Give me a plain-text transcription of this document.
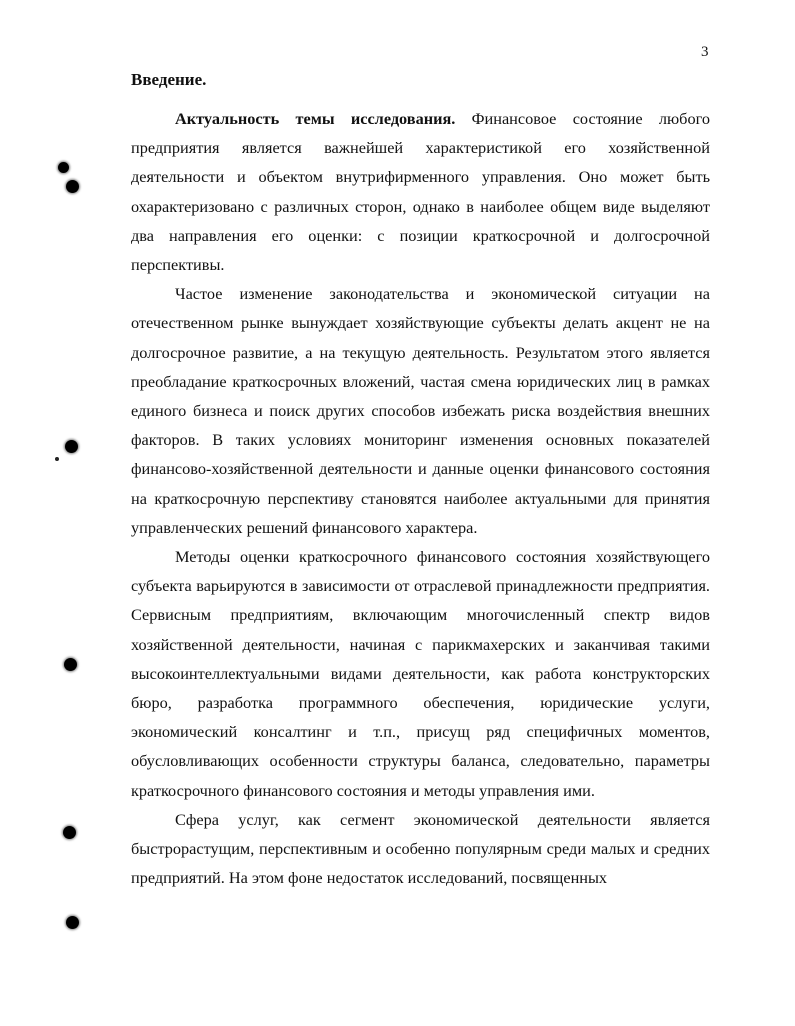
3
Введение.

Актуальность темы исследования. Финансовое состояние любого предприятия является важнейшей характеристикой его хозяйственной деятельности и объектом внутрифирменного управления. Оно может быть охарактеризовано с различных сторон, однако в наиболее общем виде выделяют два направления его оценки: с позиции краткосрочной и долгосрочной перспективы.

Частое изменение законодательства и экономической ситуации на отечественном рынке вынуждает хозяйствующие субъекты делать акцент не на долгосрочное развитие, а на текущую деятельность. Результатом этого является преобладание краткосрочных вложений, частая смена юридических лиц в рамках единого бизнеса и поиск других способов избежать риска воздействия внешних факторов. В таких условиях мониторинг изменения основных показателей финансово-хозяйственной деятельности и данные оценки финансового состояния на краткосрочную перспективу становятся наиболее актуальными для принятия управленческих решений финансового характера.

Методы оценки краткосрочного финансового состояния хозяйствующего субъекта варьируются в зависимости от отраслевой принадлежности предприятия. Сервисным предприятиям, включающим многочисленный спектр видов хозяйственной деятельности, начиная с парикмахерских и заканчивая такими высокоинтеллектуальными видами деятельности, как работа конструкторских бюро, разработка программного обеспечения, юридические услуги, экономический консалтинг и т.п., присущ ряд специфичных моментов, обусловливающих особенности структуры баланса, следовательно, параметры краткосрочного финансового состояния и методы управления ими.

Сфера услуг, как сегмент экономической деятельности является быстрорастущим, перспективным и особенно популярным среди малых и средних предприятий. На этом фоне недостаток исследований, посвященных
